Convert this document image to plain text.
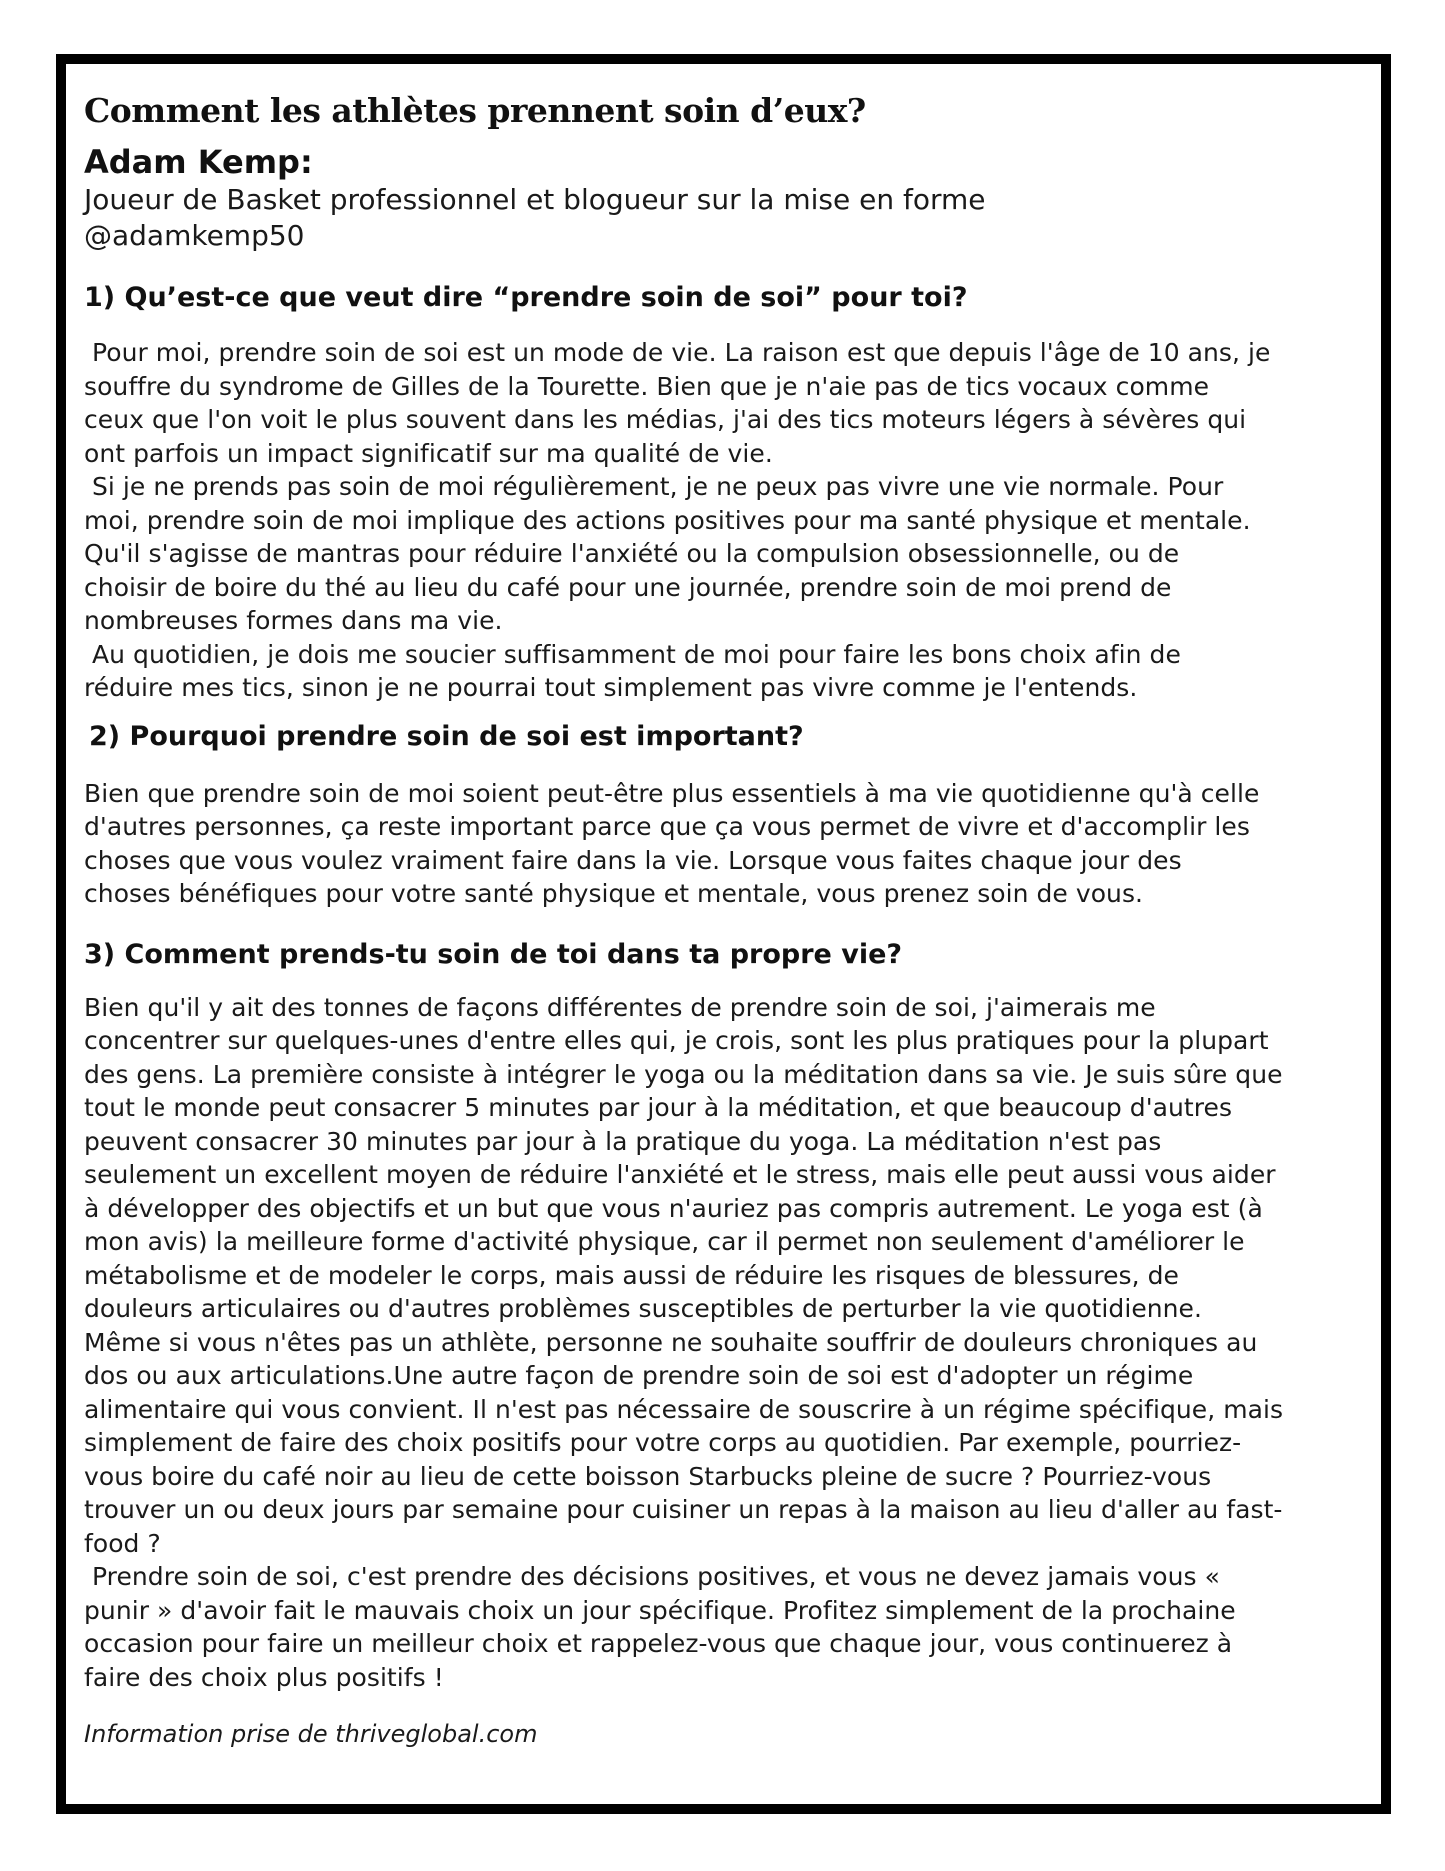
Comment les athlètes prennent soin d’eux?

Adam Kemp:

Joueur de Basket professionnel et blogueur sur la mise en forme

@adamkemp50

1) Qu’est-ce que veut dire “prendre soin de soi” pour toi?

Pour moi, prendre soin de soi est un mode de vie. La raison est que depuis l'âge de 10 ans, je
souffre du syndrome de Gilles de la Tourette. Bien que je n'aie pas de tics vocaux comme
ceux que l'on voit le plus souvent dans les médias, j'ai des tics moteurs légers à sévères qui
ont parfois un impact significatif sur ma qualité de vie.
Si je ne prends pas soin de moi régulièrement, je ne peux pas vivre une vie normale. Pour
moi, prendre soin de moi implique des actions positives pour ma santé physique et mentale.
Qu'il s'agisse de mantras pour réduire l'anxiété ou la compulsion obsessionnelle, ou de
choisir de boire du thé au lieu du café pour une journée, prendre soin de moi prend de
nombreuses formes dans ma vie.
Au quotidien, je dois me soucier suffisamment de moi pour faire les bons choix afin de
réduire mes tics, sinon je ne pourrai tout simplement pas vivre comme je l'entends.

2) Pourquoi prendre soin de soi est important?

Bien que prendre soin de moi soient peut-être plus essentiels à ma vie quotidienne qu'à celle
d'autres personnes, ça reste important parce que ça vous permet de vivre et d'accomplir les
choses que vous voulez vraiment faire dans la vie. Lorsque vous faites chaque jour des
choses bénéfiques pour votre santé physique et mentale, vous prenez soin de vous.

3) Comment prends-tu soin de toi dans ta propre vie?

Bien qu'il y ait des tonnes de façons différentes de prendre soin de soi, j'aimerais me
concentrer sur quelques-unes d'entre elles qui, je crois, sont les plus pratiques pour la plupart
des gens. La première consiste à intégrer le yoga ou la méditation dans sa vie. Je suis sûre que
tout le monde peut consacrer 5 minutes par jour à la méditation, et que beaucoup d'autres
peuvent consacrer 30 minutes par jour à la pratique du yoga. La méditation n'est pas
seulement un excellent moyen de réduire l'anxiété et le stress, mais elle peut aussi vous aider
à développer des objectifs et un but que vous n'auriez pas compris autrement. Le yoga est (à
mon avis) la meilleure forme d'activité physique, car il permet non seulement d'améliorer le
métabolisme et de modeler le corps, mais aussi de réduire les risques de blessures, de
douleurs articulaires ou d'autres problèmes susceptibles de perturber la vie quotidienne.
Même si vous n'êtes pas un athlète, personne ne souhaite souffrir de douleurs chroniques au
dos ou aux articulations.Une autre façon de prendre soin de soi est d'adopter un régime
alimentaire qui vous convient. Il n'est pas nécessaire de souscrire à un régime spécifique, mais
simplement de faire des choix positifs pour votre corps au quotidien. Par exemple, pourriez-
vous boire du café noir au lieu de cette boisson Starbucks pleine de sucre ? Pourriez-vous
trouver un ou deux jours par semaine pour cuisiner un repas à la maison au lieu d'aller au fast-
food ?
Prendre soin de soi, c'est prendre des décisions positives, et vous ne devez jamais vous «
punir » d'avoir fait le mauvais choix un jour spécifique. Profitez simplement de la prochaine
occasion pour faire un meilleur choix et rappelez-vous que chaque jour, vous continuerez à
faire des choix plus positifs !

Information prise de thriveglobal.com
